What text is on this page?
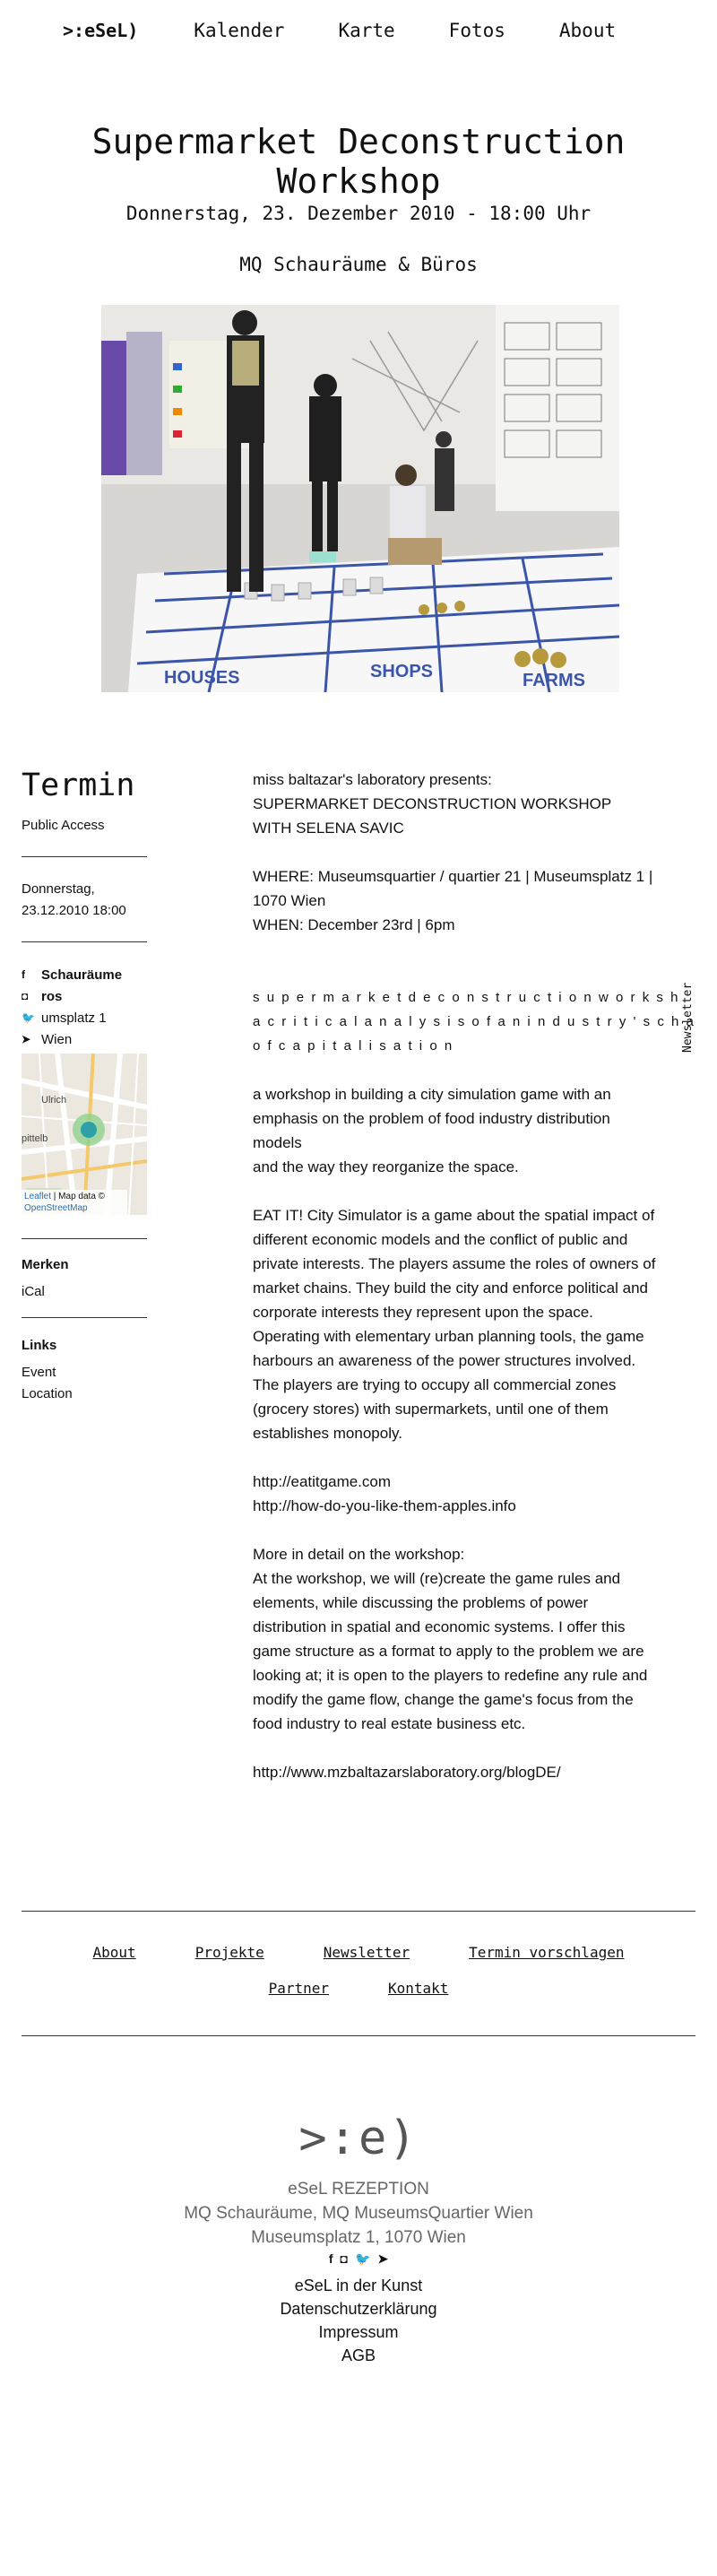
>:eSeL)	Kalender	Karte	Fotos	About
Supermarket Deconstruction Workshop
Donnerstag, 23. Dezember 2010 - 18:00 Uhr
MQ Schauräume & Büros
HOUSES	SHOPS	FARMS
Termin
Public Access
Donnerstag,
23.12.2010 18:00
f	Schauräume
◘ ros
🐦 umsplatz 1
➤ Wien
Ulrich
pittelb
Leaflet | Map data ©
OpenStreetMap
Merken
iCal
Links
Event
Location
Newsletter

miss baltazar's laboratory presents:
SUPERMARKET DECONSTRUCTION WORKSHOP
WITH SELENA SAVIC

WHERE: Museumsquartier / quartier 21 | Museumsplatz 1 |
1070 Wien
WHEN: December 23rd | 6pm

supermarketdeconstructionworksh
acriticalanalysisofanindustry'scha
ofcapitalisation

a workshop in building a city simulation game with an
emphasis on the problem of food industry distribution
models
and the way they reorganize the space.

EAT IT! City Simulator is a game about the spatial impact of
different economic models and the conflict of public and
private interests. The players assume the roles of owners of
market chains. They build the city and enforce political and
corporate interests they represent upon the space.
Operating with elementary urban planning tools, the game
harbours an awareness of the power structures involved.
The players are trying to occupy all commercial zones
(grocery stores) with supermarkets, until one of them
establishes monopoly.

http://eatitgame.com
http://how-do-you-like-them-apples.info

More in detail on the workshop:
At the workshop, we will (re)create the game rules and
elements, while discussing the problems of power
distribution in spatial and economic systems. I offer this
game structure as a format to apply to the problem we are
looking at; it is open to the players to redefine any rule and
modify the game flow, change the game's focus from the
food industry to real estate business etc.

http://www.mzbaltazarslaboratory.org/blogDE/

About	Projekte	Newsletter	Termin vorschlagen
Partner	Kontakt
>:e)
eSeL REZEPTION
MQ Schauräume, MQ MuseumsQuartier Wien
Museumsplatz 1, 1070 Wien
f ◘ 🐦 ➤
eSeL in der Kunst
Datenschutzerklärung
Impressum
AGB
